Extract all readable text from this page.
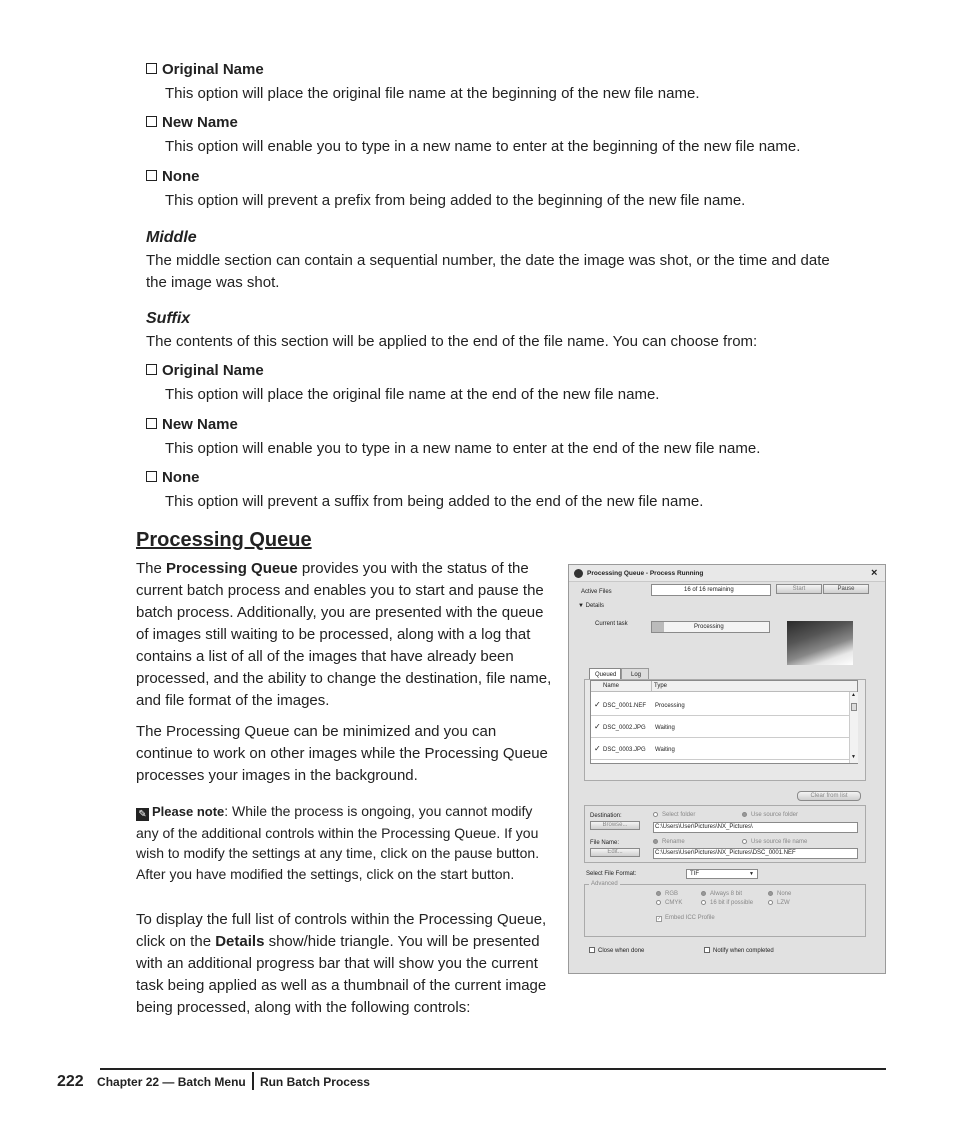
Original Name
This option will place the original file name at the beginning of the new file name.
New Name
This option will enable you to type in a new name to enter at the beginning of the new file name.
None
This option will prevent a prefix from being added to the beginning of the new file name.
Middle
The middle section can contain a sequential number, the date the image was shot, or the time and date
the image was shot.
Suffix
The contents of this section will be applied to the end of the file name. You can choose from:
Original Name
This option will place the original file name at the end of the new file name.
New Name
This option will enable you to type in a new name to enter at the end of the new file name.
None
This option will prevent a suffix from being added to the end of the new file name.
Processing Queue
The Processing Queue provides you with the status of the current batch process and enables you to start and pause the batch process. Additionally, you are presented with the queue of images still waiting to be processed, along with a log that contains a list of all of the images that have already been processed, and the ability to change the destination, file name, and file format of the images.
The Processing Queue can be minimized and you can continue to work on other images while the Processing Queue processes your images in the background.
✎ Please note: While the process is ongoing, you cannot modify any of the additional controls within the Processing Queue. If you wish to modify the settings at any time, click on the pause button. After you have modified the settings, click on the start button.
To display the full list of controls within the Processing Queue, click on the Details show/hide triangle. You will be presented with an additional progress bar that will show you the current task being applied as well as a thumbnail of the current image being processed, along with the following controls:
Processing Queue - Process Running	×
Active Files	16 of 16 remaining	Start	Pause
▼ Details
Current task	Processing
Queued	Log
Name	Type
✓ DSC_0001.NEF Processing
✓ DSC_0002.JPG Waiting
✓ DSC_0003.JPG Waiting
▲
▼
Clear from list
Destination:
Browse...
Select folder	Use source folder
C:\Users\User\Pictures\NX_Pictures\
File Name:
Edit...
Rename	Use source file name
C:\Users\User\Pictures\NX_Pictures\DSC_0001.NEF
Select File Format:	TIF	▼
Advanced
RGB
CMYK
Always 8 bit
16 bit if possible
None
LZW
✓ Embed ICC Profile
Close when done	Notify when completed
222 Chapter 22 — Batch Menu Run Batch Process
